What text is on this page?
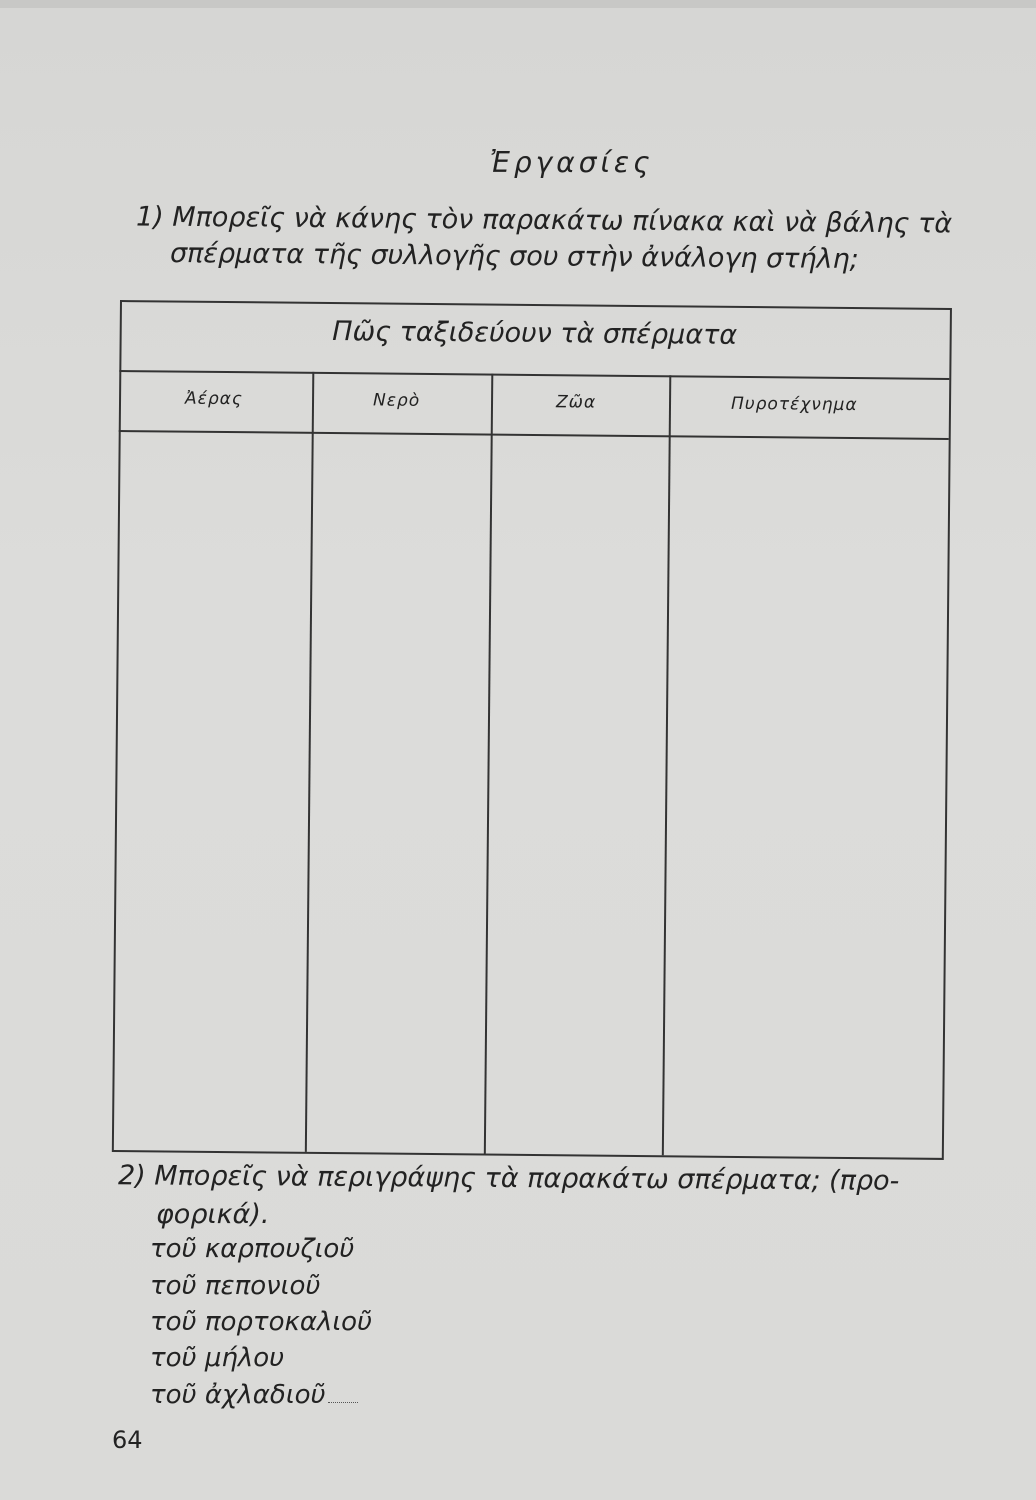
Ἐργασίες
1) Μπορεῖς νὰ κάνης τὸν παρακάτω πίνακα καὶ νὰ βάλης τὰ
σπέρματα τῆς συλλογῆς σου στὴν ἀνάλογη στήλη;
Πῶς ταξιδεύουν τὰ σπέρματα
Ἀέρας	Νερὸ	Ζῶα	Πυροτέχνημα
2) Μπορεῖς νὰ περιγράψης τὰ παρακάτω σπέρματα; (προ-
φορικά).
τοῦ καρπουζιοῦ
τοῦ πεπονιοῦ
τοῦ πορτοκαλιοῦ
τοῦ μήλου
τοῦ ἀχλαδιοῦ
64
